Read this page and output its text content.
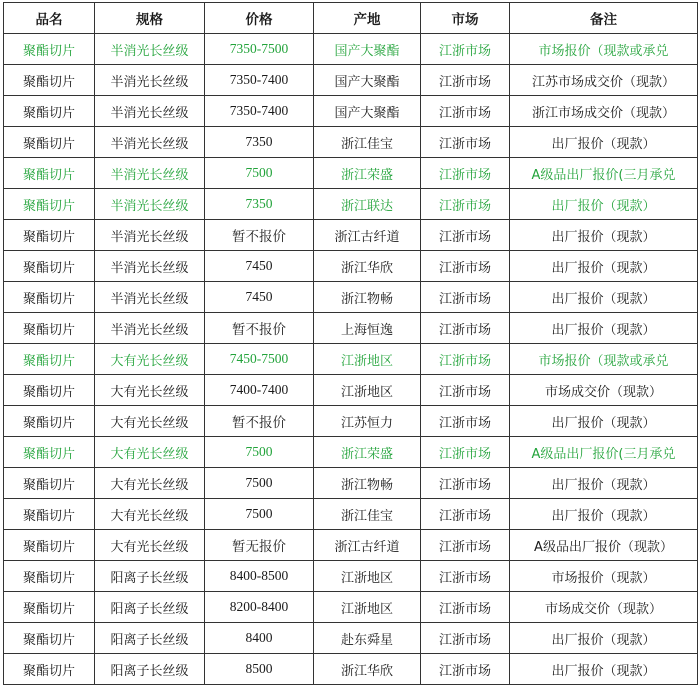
品名	规格	价格	产地	市场	备注
聚酯切片	半消光长丝级	7350-7500	国产大聚酯	江浙市场	市场报价（现款或承兑
聚酯切片	半消光长丝级	7350-7400	国产大聚酯	江浙市场	江苏市场成交价（现款）
聚酯切片	半消光长丝级	7350-7400	国产大聚酯	江浙市场	浙江市场成交价（现款）
聚酯切片	半消光长丝级	7350	浙江佳宝	江浙市场	出厂报价（现款）
聚酯切片	半消光长丝级	7500	浙江荣盛	江浙市场	A级品出厂报价(三月承兑
聚酯切片	半消光长丝级	7350	浙江联达	江浙市场	出厂报价（现款）
聚酯切片	半消光长丝级	暂不报价	浙江古纤道	江浙市场	出厂报价（现款）
聚酯切片	半消光长丝级	7450	浙江华欣	江浙市场	出厂报价（现款）
聚酯切片	半消光长丝级	7450	浙江物畅	江浙市场	出厂报价（现款）
聚酯切片	半消光长丝级	暂不报价	上海恒逸	江浙市场	出厂报价（现款）
聚酯切片	大有光长丝级	7450-7500	江浙地区	江浙市场	市场报价（现款或承兑
聚酯切片	大有光长丝级	7400-7400	江浙地区	江浙市场	市场成交价（现款）
聚酯切片	大有光长丝级	暂不报价	江苏恒力	江浙市场	出厂报价（现款）
聚酯切片	大有光长丝级	7500	浙江荣盛	江浙市场	A级品出厂报价(三月承兑
聚酯切片	大有光长丝级	7500	浙江物畅	江浙市场	出厂报价（现款）
聚酯切片	大有光长丝级	7500	浙江佳宝	江浙市场	出厂报价（现款）
聚酯切片	大有光长丝级	暂无报价	浙江古纤道	江浙市场	A级品出厂报价（现款）
聚酯切片	阳离子长丝级	8400-8500	江浙地区	江浙市场	市场报价（现款）
聚酯切片	阳离子长丝级	8200-8400	江浙地区	江浙市场	市场成交价（现款）
聚酯切片	阳离子长丝级	8400	赴东舜星	江浙市场	出厂报价（现款）
聚酯切片	阳离子长丝级	8500	浙江华欣	江浙市场	出厂报价（现款）
